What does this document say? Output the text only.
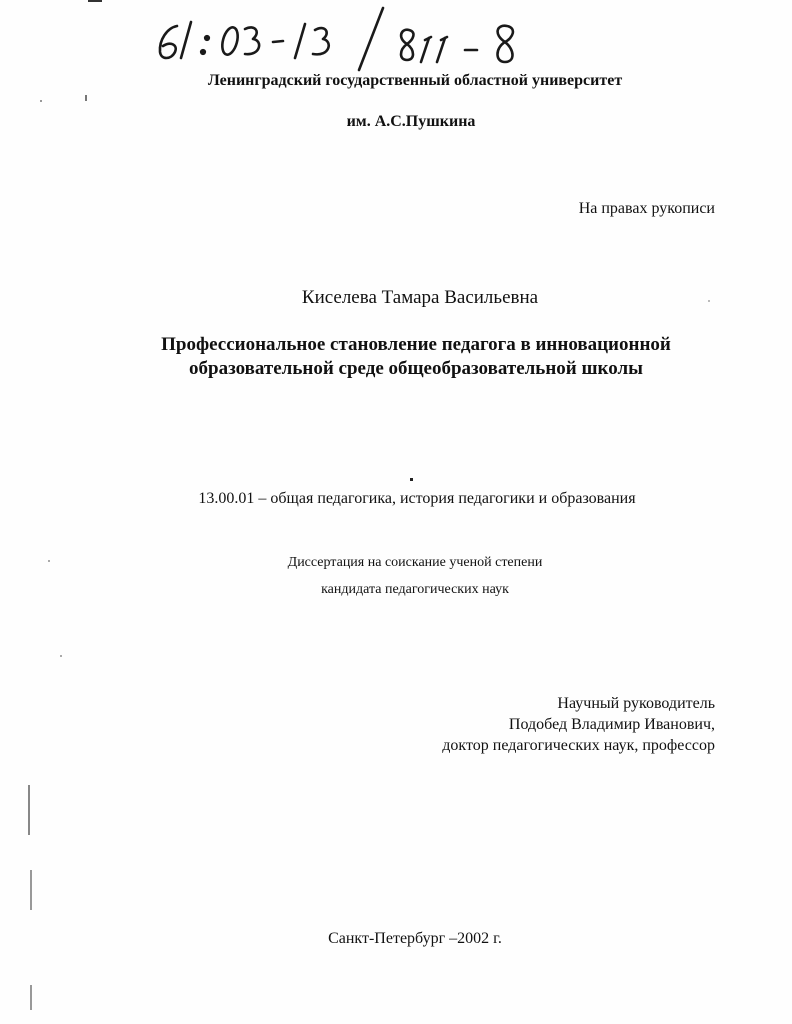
Ленинградский государственный областной университет
им. А.С.Пушкина
На правах рукописи
Киселева Тамара Васильевна
Профессиональное становление педагога в инновационной
образовательной среде общеобразовательной школы
13.00.01 – общая педагогика, история педагогики и образования
Диссертация на соискание ученой степени
кандидата педагогических наук
Научный руководитель
Подобед Владимир Иванович,
доктор педагогических наук, профессор
Санкт-Петербург –2002 г.
